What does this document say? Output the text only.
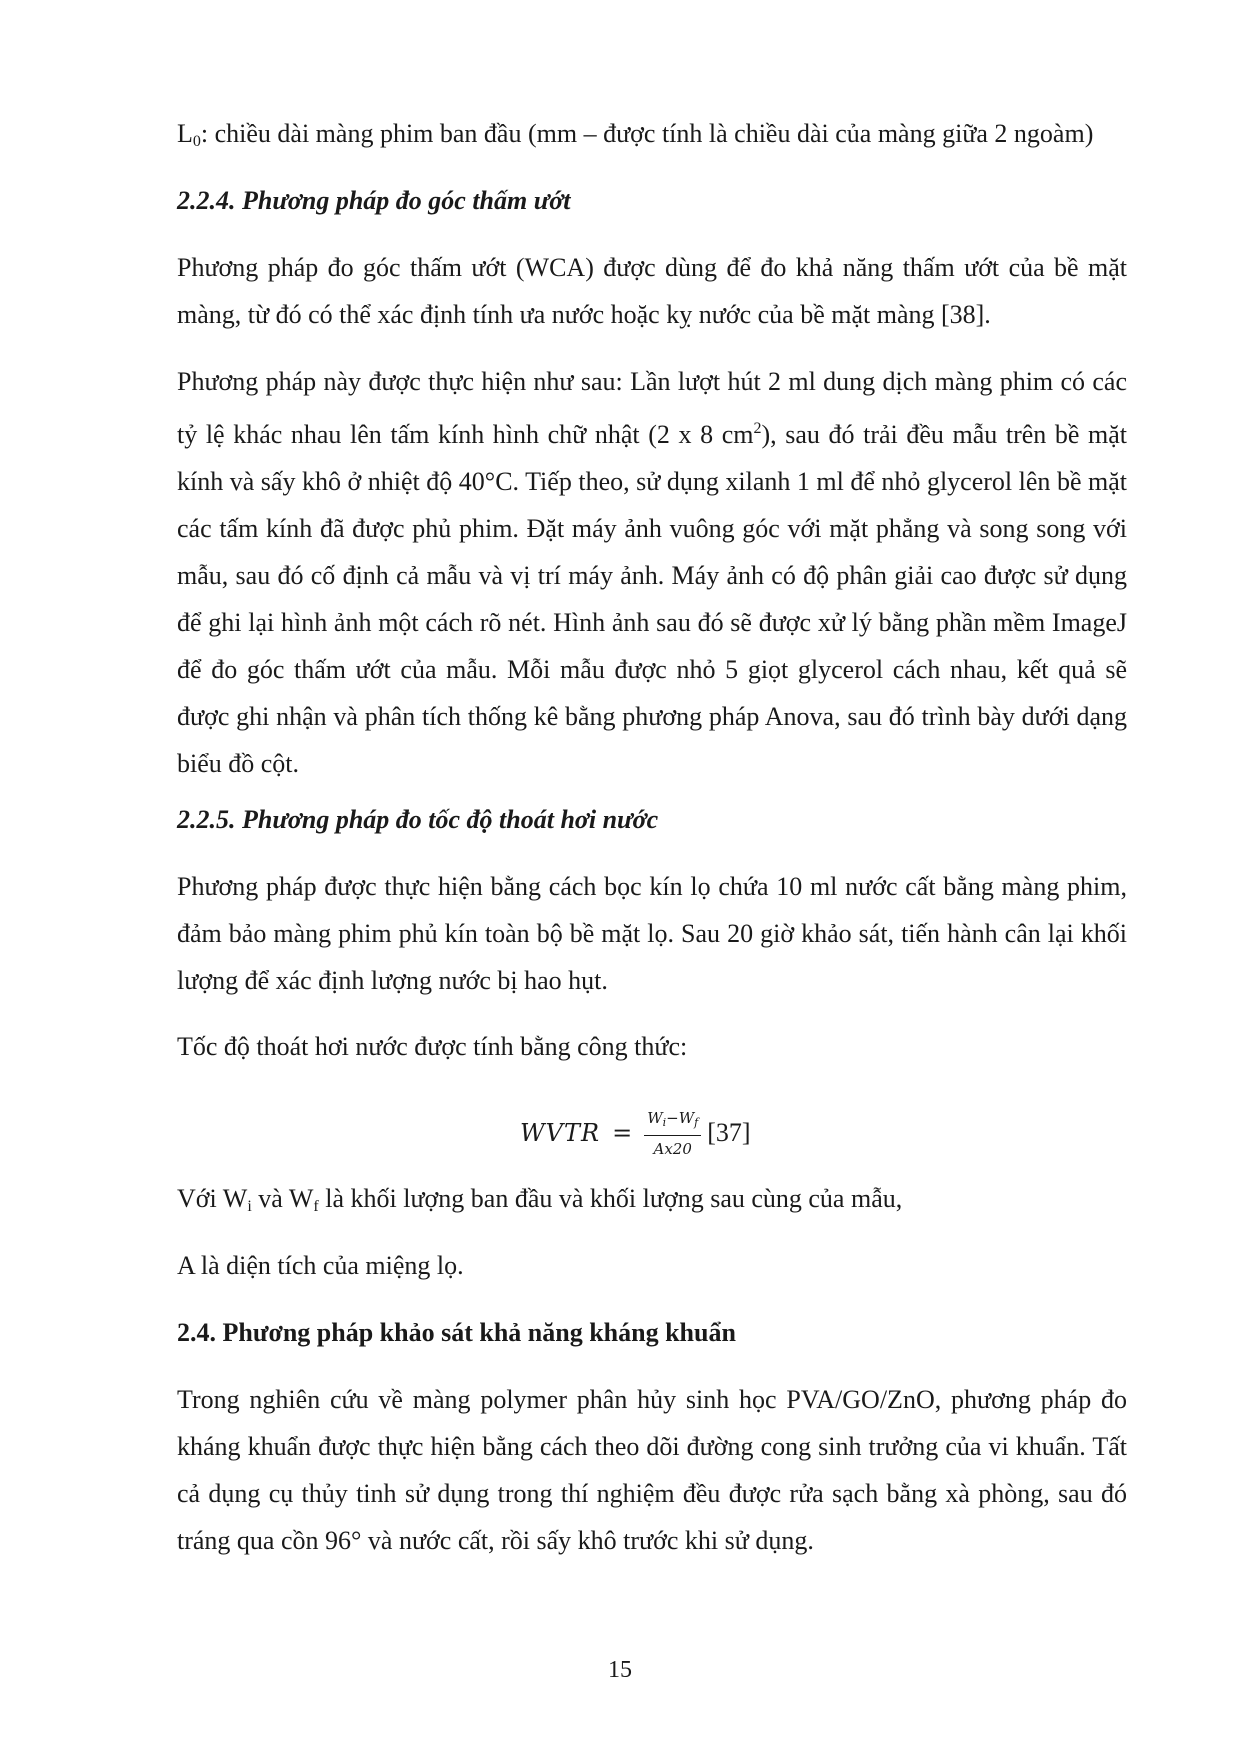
$L_0$: chiều dài màng phim ban đầu (mm – được tính là chiều dài của màng giữa 2 ngoàm)

2.2.4. Phương pháp đo góc thấm ướt

Phương pháp đo góc thấm ướt (WCA) được dùng để đo khả năng thấm ướt của bề mặt màng, từ đó có thể xác định tính ưa nước hoặc kỵ nước của bề mặt màng [38].

Phương pháp này được thực hiện như sau: Lần lượt hút 2 ml dung dịch màng phim có các tỷ lệ khác nhau lên tấm kính hình chữ nhật (2 x 8 $cm^2$), sau đó trải đều mẫu trên bề mặt kính và sấy khô ở nhiệt độ 40°C. Tiếp theo, sử dụng xilanh 1 ml để nhỏ glycerol lên bề mặt các tấm kính đã được phủ phim. Đặt máy ảnh vuông góc với mặt phẳng và song song với mẫu, sau đó cố định cả mẫu và vị trí máy ảnh. Máy ảnh có độ phân giải cao được sử dụng để ghi lại hình ảnh một cách rõ nét. Hình ảnh sau đó sẽ được xử lý bằng phần mềm ImageJ để đo góc thấm ướt của mẫu. Mỗi mẫu được nhỏ 5 giọt glycerol cách nhau, kết quả sẽ được ghi nhận và phân tích thống kê bằng phương pháp Anova, sau đó trình bày dưới dạng biểu đồ cột.

2.2.5. Phương pháp đo tốc độ thoát hơi nước

Phương pháp được thực hiện bằng cách bọc kín lọ chứa 10 ml nước cất bằng màng phim, đảm bảo màng phim phủ kín toàn bộ bề mặt lọ. Sau 20 giờ khảo sát, tiến hành cân lại khối lượng để xác định lượng nước bị hao hụt.

Tốc độ thoát hơi nước được tính bằng công thức:

WVTR = $\frac{W_i-W_f}{Ax20} [37]$

Với $W_i$ và $W_f$ là khối lượng ban đầu và khối lượng sau cùng của mẫu,

A là diện tích của miệng lọ.

2.4. Phương pháp khảo sát khả năng kháng khuẩn

Trong nghiên cứu về màng polymer phân hủy sinh học PVA/GO/ZnO, phương pháp đo kháng khuẩn được thực hiện bằng cách theo dõi đường cong sinh trưởng của vi khuẩn. Tất cả dụng cụ thủy tinh sử dụng trong thí nghiệm đều được rửa sạch bằng xà phòng, sau đó tráng qua cồn 96° và nước cất, rồi sấy khô trước khi sử dụng.

15
